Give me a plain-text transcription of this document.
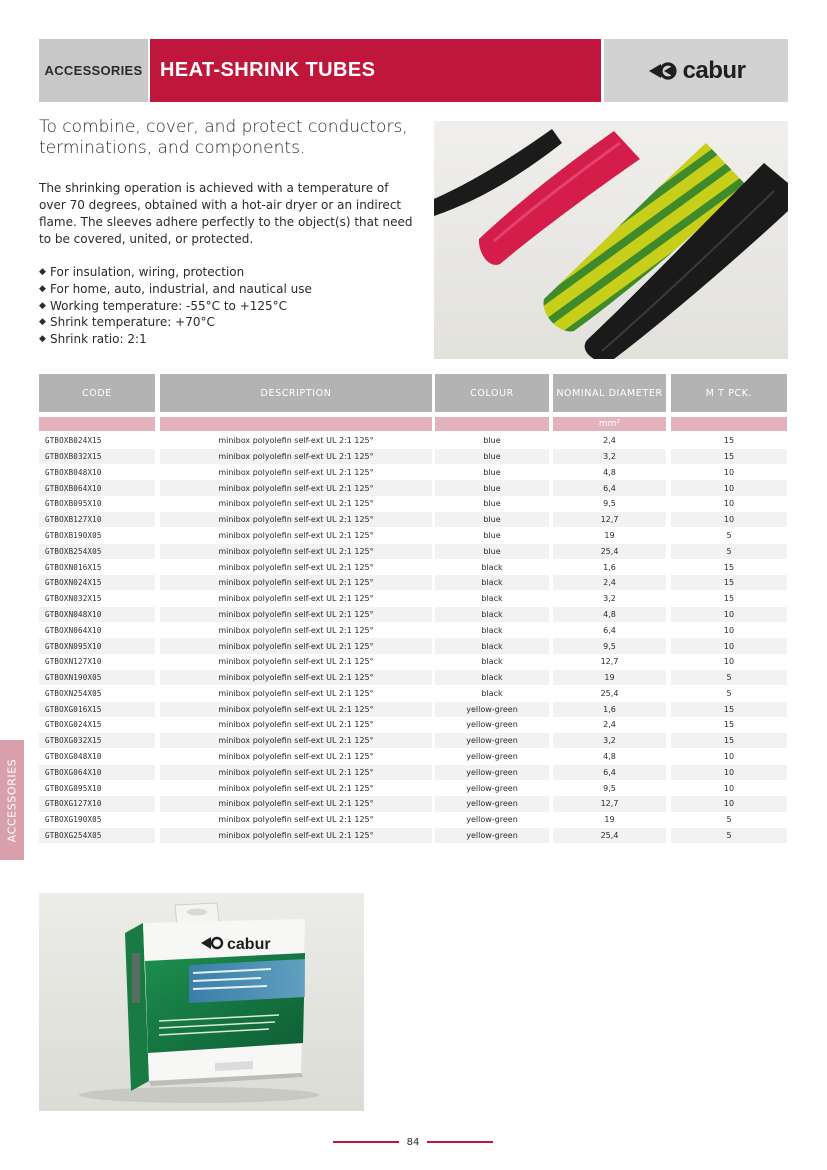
ACCESSORIES HEAT-SHRINK TUBES	cabur
To combine, cover, and protect conductors, terminations, and components.
The shrinking operation is achieved with a temperature of over 70 degrees, obtained with a hot-air dryer or an indirect flame. The sleeves adhere perfectly to the object(s) that need to be covered, united, or protected.
◆ For insulation, wiring, protection
◆ For home, auto, industrial, and nautical use
◆ Working temperature: -55°C to +125°C
◆ Shrink temperature: +70°C
◆ Shrink ratio: 2:1
CODE	DESCRIPTION	COLOUR	NOMINAL DIAMETER	M T PCK.
mm²
GTBOXB024X15	minibox polyolefin self-ext UL 2:1 125°	blue	2,4	15
GTBOXB032X15	minibox polyolefin self-ext UL 2:1 125°	blue	3,2	15
GTBOXB048X10	minibox polyolefin self-ext UL 2:1 125°	blue	4,8	10
GTBOXB064X10	minibox polyolefin self-ext UL 2:1 125°	blue	6,4	10
GTBOXB095X10	minibox polyolefin self-ext UL 2:1 125°	blue	9,5	10
GTBOXB127X10	minibox polyolefin self-ext UL 2:1 125°	blue	12,7	10
GTBOXB190X05	minibox polyolefin self-ext UL 2:1 125°	blue	19	5
GTBOXB254X05	minibox polyolefin self-ext UL 2:1 125°	blue	25,4	5
GTBOXN016X15	minibox polyolefin self-ext UL 2:1 125°	black	1,6	15
GTBOXN024X15	minibox polyolefin self-ext UL 2:1 125°	black	2,4	15
GTBOXN032X15	minibox polyolefin self-ext UL 2:1 125°	black	3,2	15
GTBOXN048X10	minibox polyolefin self-ext UL 2:1 125°	black	4,8	10
GTBOXN064X10	minibox polyolefin self-ext UL 2:1 125°	black	6,4	10
GTBOXN095X10	minibox polyolefin self-ext UL 2:1 125°	black	9,5	10
GTBOXN127X10	minibox polyolefin self-ext UL 2:1 125°	black	12,7	10
GTBOXN190X05	minibox polyolefin self-ext UL 2:1 125°	black	19	5
GTBOXN254X05	minibox polyolefin self-ext UL 2:1 125°	black	25,4	5
GTBOXG016X15	minibox polyolefin self-ext UL 2:1 125°	yellow-green	1,6	15
GTBOXG024X15	minibox polyolefin self-ext UL 2:1 125°	yellow-green	2,4	15
GTBOXG032X15	minibox polyolefin self-ext UL 2:1 125°	yellow-green	3,2	15
GTBOXG048X10	minibox polyolefin self-ext UL 2:1 125°	yellow-green	4,8	10
GTBOXG064X10	minibox polyolefin self-ext UL 2:1 125°	yellow-green	6,4	10
GTBOXG095X10	minibox polyolefin self-ext UL 2:1 125°	yellow-green	9,5	10
GTBOXG127X10	minibox polyolefin self-ext UL 2:1 125°	yellow-green	12,7	10
GTBOXG190X05	minibox polyolefin self-ext UL 2:1 125°	yellow-green	19	5
GTBOXG254X05	minibox polyolefin self-ext UL 2:1 125°	yellow-green	25,4	5
ACCESSORIES
cabur
84
